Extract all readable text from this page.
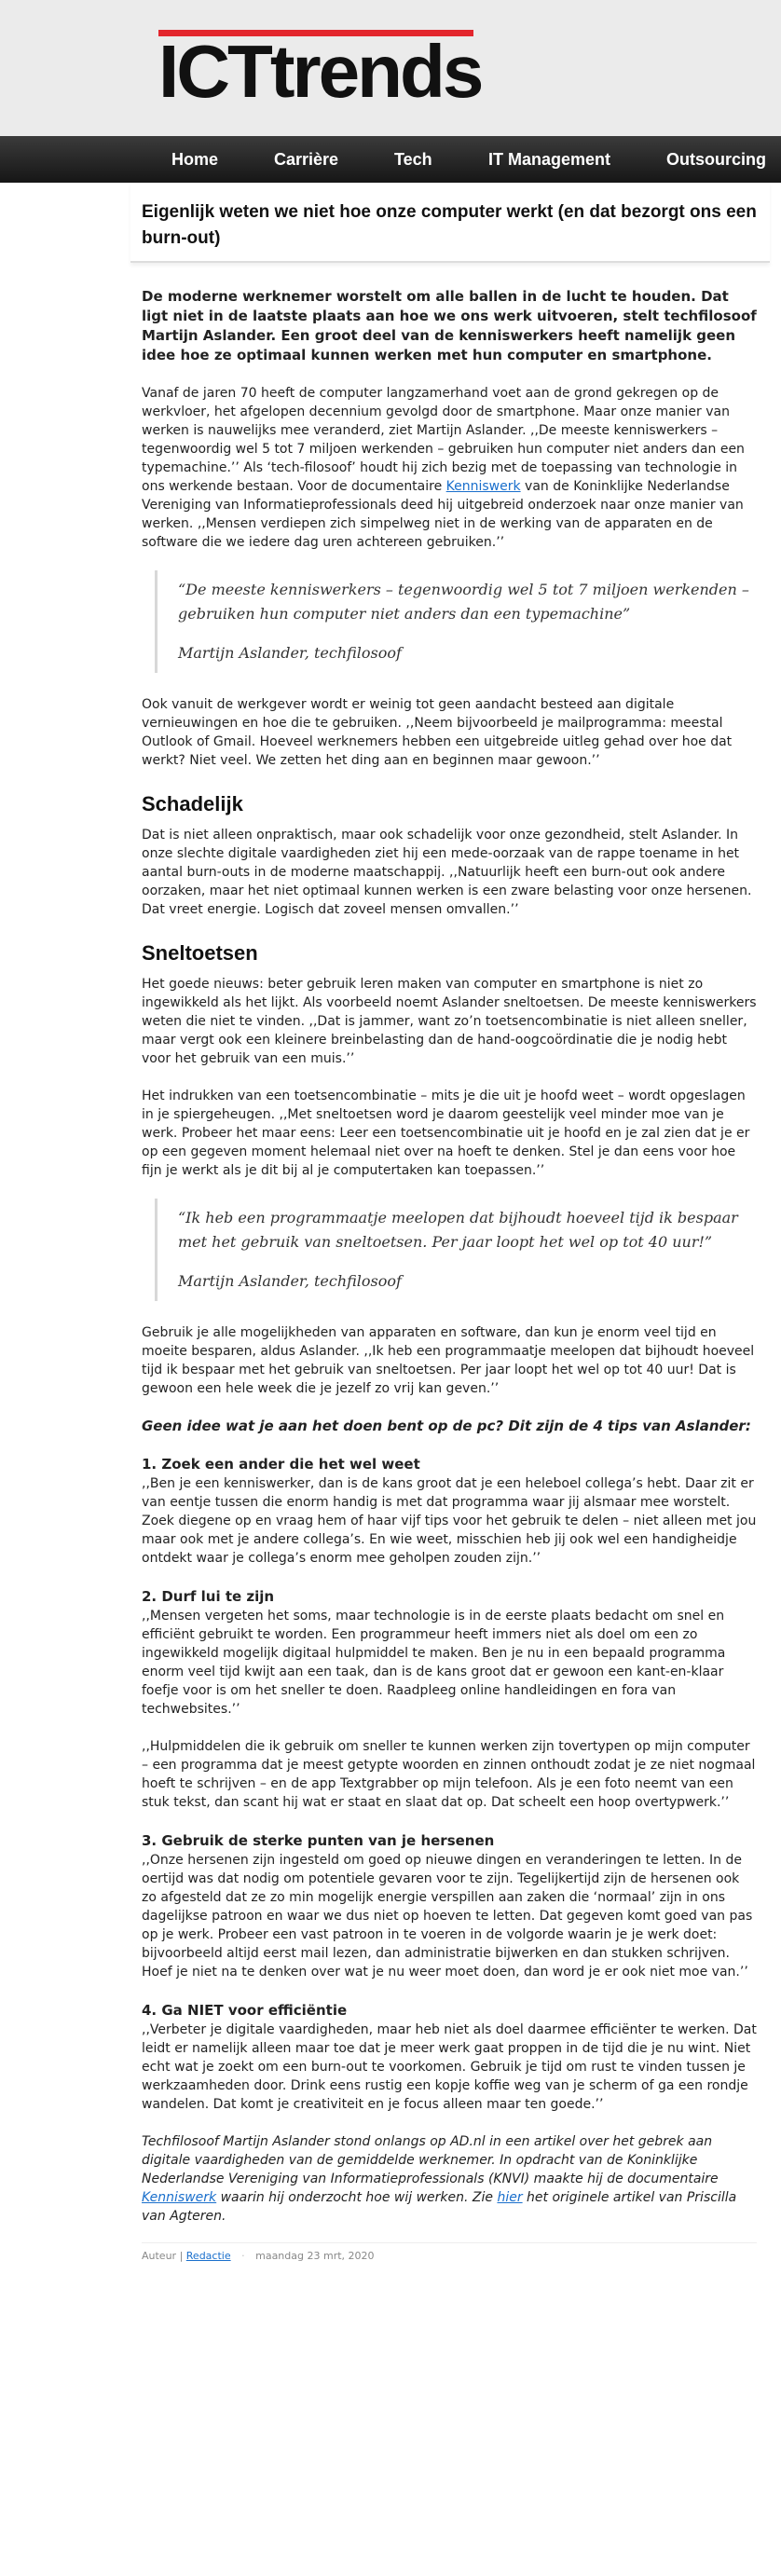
ICTtrends
Home	Carrière	Tech	IT Management	Outsourcing
Eigenlijk weten we niet hoe onze computer werkt (en dat bezorgt ons een burn-out)

De moderne werknemer worstelt om alle ballen in de lucht te houden. Dat ligt niet in de laatste plaats aan hoe we ons werk uitvoeren, stelt techfilosoof Martijn Aslander. Een groot deel van de kenniswerkers heeft namelijk geen idee hoe ze optimaal kunnen werken met hun computer en smartphone.

Vanaf de jaren 70 heeft de computer langzamerhand voet aan de grond gekregen op de werkvloer, het afgelopen decennium gevolgd door de smartphone. Maar onze manier van werken is nauwelijks mee veranderd, ziet Martijn Aslander. ,,De meeste kenniswerkers – tegenwoordig wel 5 tot 7 miljoen werkenden – gebruiken hun computer niet anders dan een typemachine.’’ Als ‘tech-filosoof’ houdt hij zich bezig met de toepassing van technologie in ons werkende bestaan. Voor de documentaire Kenniswerk van de Koninklijke Nederlandse Vereniging van Informatieprofessionals deed hij uitgebreid onderzoek naar onze manier van werken. ,,Mensen verdiepen zich simpelweg niet in de werking van de apparaten en de software die we iedere dag uren achtereen gebruiken.’’

“De meeste kenniswerkers – tegenwoordig wel 5 tot 7 miljoen werkenden – gebruiken hun computer niet anders dan een typemachine”

Martijn Aslander, techfilosoof

Ook vanuit de werkgever wordt er weinig tot geen aandacht besteed aan digitale vernieuwingen en hoe die te gebruiken. ,,Neem bijvoorbeeld je mailprogramma: meestal Outlook of Gmail. Hoeveel werknemers hebben een uitgebreide uitleg gehad over hoe dat werkt? Niet veel. We zetten het ding aan en beginnen maar gewoon.’’

Schadelijk

Dat is niet alleen onpraktisch, maar ook schadelijk voor onze gezondheid, stelt Aslander. In onze slechte digitale vaardigheden ziet hij een mede-oorzaak van de rappe toename in het aantal burn-outs in de moderne maatschappij. ,,Natuurlijk heeft een burn-out ook andere oorzaken, maar het niet optimaal kunnen werken is een zware belasting voor onze hersenen. Dat vreet energie. Logisch dat zoveel mensen omvallen.’’

Sneltoetsen

Het goede nieuws: beter gebruik leren maken van computer en smartphone is niet zo ingewikkeld als het lijkt. Als voorbeeld noemt Aslander sneltoetsen. De meeste kenniswerkers weten die niet te vinden. ,,Dat is jammer, want zo’n toetsencombinatie is niet alleen sneller, maar vergt ook een kleinere breinbelasting dan de hand-oogcoördinatie die je nodig hebt voor het gebruik van een muis.’’

Het indrukken van een toetsencombinatie – mits je die uit je hoofd weet – wordt opgeslagen in je spiergeheugen. ,,Met sneltoetsen word je daarom geestelijk veel minder moe van je werk. Probeer het maar eens: Leer een toetsencombinatie uit je hoofd en je zal zien dat je er op een gegeven moment helemaal niet over na hoeft te denken. Stel je dan eens voor hoe fijn je werkt als je dit bij al je computertaken kan toepassen.’’

“Ik heb een programmaatje meelopen dat bijhoudt hoeveel tijd ik bespaar met het gebruik van sneltoetsen. Per jaar loopt het wel op tot 40 uur!”

Martijn Aslander, techfilosoof

Gebruik je alle mogelijkheden van apparaten en software, dan kun je enorm veel tijd en moeite besparen, aldus Aslander. ,,Ik heb een programmaatje meelopen dat bijhoudt hoeveel tijd ik bespaar met het gebruik van sneltoetsen. Per jaar loopt het wel op tot 40 uur! Dat is gewoon een hele week die je jezelf zo vrij kan geven.’’

Geen idee wat je aan het doen bent op de pc? Dit zijn de 4 tips van Aslander:

1. Zoek een ander die het wel weet

,,Ben je een kenniswerker, dan is de kans groot dat je een heleboel collega’s hebt. Daar zit er van eentje tussen die enorm handig is met dat programma waar jij alsmaar mee worstelt. Zoek diegene op en vraag hem of haar vijf tips voor het gebruik te delen – niet alleen met jou maar ook met je andere collega’s. En wie weet, misschien heb jij ook wel een handigheidje ontdekt waar je collega’s enorm mee geholpen zouden zijn.’’

2. Durf lui te zijn

,,Mensen vergeten het soms, maar technologie is in de eerste plaats bedacht om snel en efficiënt gebruikt te worden. Een programmeur heeft immers niet als doel om een zo ingewikkeld mogelijk digitaal hulpmiddel te maken. Ben je nu in een bepaald programma enorm veel tijd kwijt aan een taak, dan is de kans groot dat er gewoon een kant-en-klaar foefje voor is om het sneller te doen. Raadpleeg online handleidingen en fora van techwebsites.’’

,,Hulpmiddelen die ik gebruik om sneller te kunnen werken zijn tovertypen op mijn computer – een programma dat je meest getypte woorden en zinnen onthoudt zodat je ze niet nogmaal hoeft te schrijven – en de app Textgrabber op mijn telefoon. Als je een foto neemt van een stuk tekst, dan scant hij wat er staat en slaat dat op. Dat scheelt een hoop overtypwerk.’’

3. Gebruik de sterke punten van je hersenen

,,Onze hersenen zijn ingesteld om goed op nieuwe dingen en veranderingen te letten. In de oertijd was dat nodig om potentiele gevaren voor te zijn. Tegelijkertijd zijn de hersenen ook zo afgesteld dat ze zo min mogelijk energie verspillen aan zaken die ‘normaal’ zijn in ons dagelijkse patroon en waar we dus niet op hoeven te letten. Dat gegeven komt goed van pas op je werk. Probeer een vast patroon in te voeren in de volgorde waarin je je werk doet: bijvoorbeeld altijd eerst mail lezen, dan administratie bijwerken en dan stukken schrijven. Hoef je niet na te denken over wat je nu weer moet doen, dan word je er ook niet moe van.’’

4. Ga NIET voor efficiëntie

,,Verbeter je digitale vaardigheden, maar heb niet als doel daarmee efficiënter te werken. Dat leidt er namelijk alleen maar toe dat je meer werk gaat proppen in de tijd die je nu wint. Niet echt wat je zoekt om een burn-out te voorkomen. Gebruik je tijd om rust te vinden tussen je werkzaamheden door. Drink eens rustig een kopje koffie weg van je scherm of ga een rondje wandelen. Dat komt je creativiteit en je focus alleen maar ten goede.’’

Techfilosoof Martijn Aslander stond onlangs op AD.nl in een artikel over het gebrek aan digitale vaardigheden van de gemiddelde werknemer. In opdracht van de Koninklijke Nederlandse Vereniging van Informatieprofessionals (KNVI) maakte hij de documentaire Kenniswerk waarin hij onderzocht hoe wij werken. Zie hier het originele artikel van Priscilla van Agteren.

Auteur | Redactie · maandag 23 mrt, 2020
